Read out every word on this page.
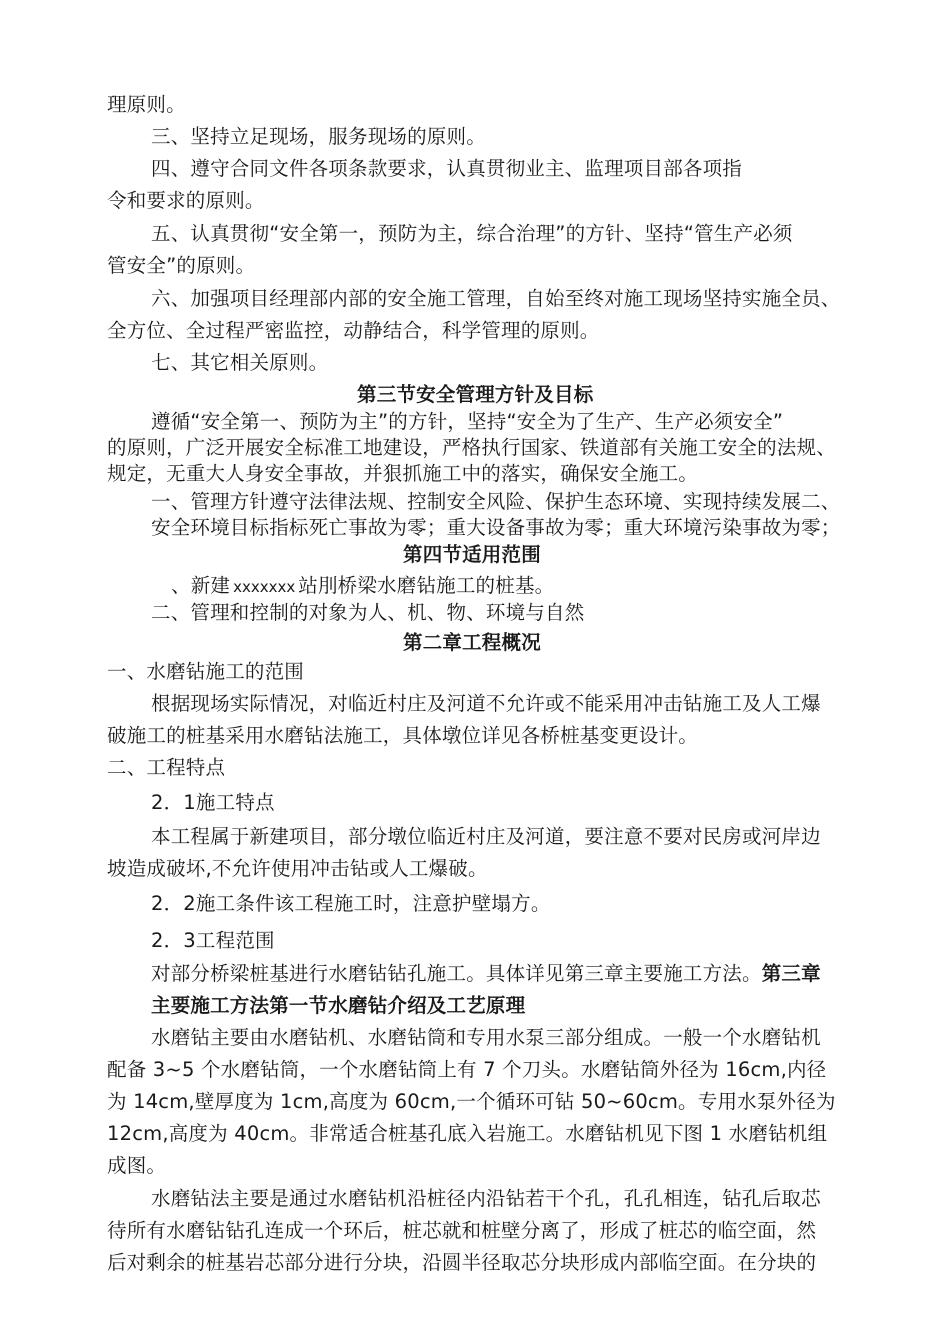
理原则。
三、坚持立足现场，服务现场的原则。
四、遵守合同文件各项条款要求，认真贯彻业主、监理项目部各项指
令和要求的原则。
五、认真贯彻“安全第一，预防为主，综合治理”的方针、坚持“管生产必须
管安全”的原则。
六、加强项目经理部内部的安全施工管理，自始至终对施工现场坚持实施全员、
全方位、全过程严密监控，动静结合，科学管理的原则。
七、其它相关原则。
第三节安全管理方针及目标
遵循“安全第一、预防为主”的方针，坚持“安全为了生产、生产必须安全”
的原则，广泛开展安全标准工地建设，严格执行国家、铁道部有关施工安全的法规、
规定，无重大人身安全事故，并狠抓施工中的落实，确保安全施工。
一、管理方针遵守法律法规、控制安全风险、保护生态环境、实现持续发展二、
安全环境目标指标死亡事故为零；重大设备事故为零；重大环境污染事故为零；
第四节适用范围
、新建 xxxxxxx 站刖桥梁水磨钻施工的桩基。
二、管理和控制的对象为人、机、物、环境与自然
第二章工程概况
一、水磨钻施工的范围
根据现场实际情况，对临近村庄及河道不允许或不能采用冲击钻施工及人工爆
破施工的桩基采用水磨钻法施工，具体墩位详见各桥桩基变更设计。
二、工程特点
2．1施工特点
本工程属于新建项目，部分墩位临近村庄及河道，要注意不要对民房或河岸边
坡造成破坏,不允许使用冲击钻或人工爆破。
2．2施工条件该工程施工时，注意护壁塌方。
2．3工程范围
对部分桥梁桩基进行水磨钻钻孔施工。具体详见第三章主要施工方法。第三章
主要施工方法第一节水磨钻介绍及工艺原理
水磨钻主要由水磨钻机、水磨钻筒和专用水泵三部分组成。一般一个水磨钻机
配备 3~5 个水磨钻筒，一个水磨钻筒上有 7 个刀头。水磨钻筒外径为 16cm,内径
为 14cm,壁厚度为 1cm,高度为 60cm,一个循环可钻 50~60cm。专用水泵外径为
12cm,高度为 40cm。非常适合桩基孔底入岩施工。水磨钻机见下图 1 水磨钻机组
成图。
水磨钻法主要是通过水磨钻机沿桩径内沿钻若干个孔，孔孔相连，钻孔后取芯
待所有水磨钻钻孔连成一个环后，桩芯就和桩壁分离了，形成了桩芯的临空面，然
后对剩余的桩基岩芯部分进行分块，沿圆半径取芯分块形成内部临空面。在分块的
